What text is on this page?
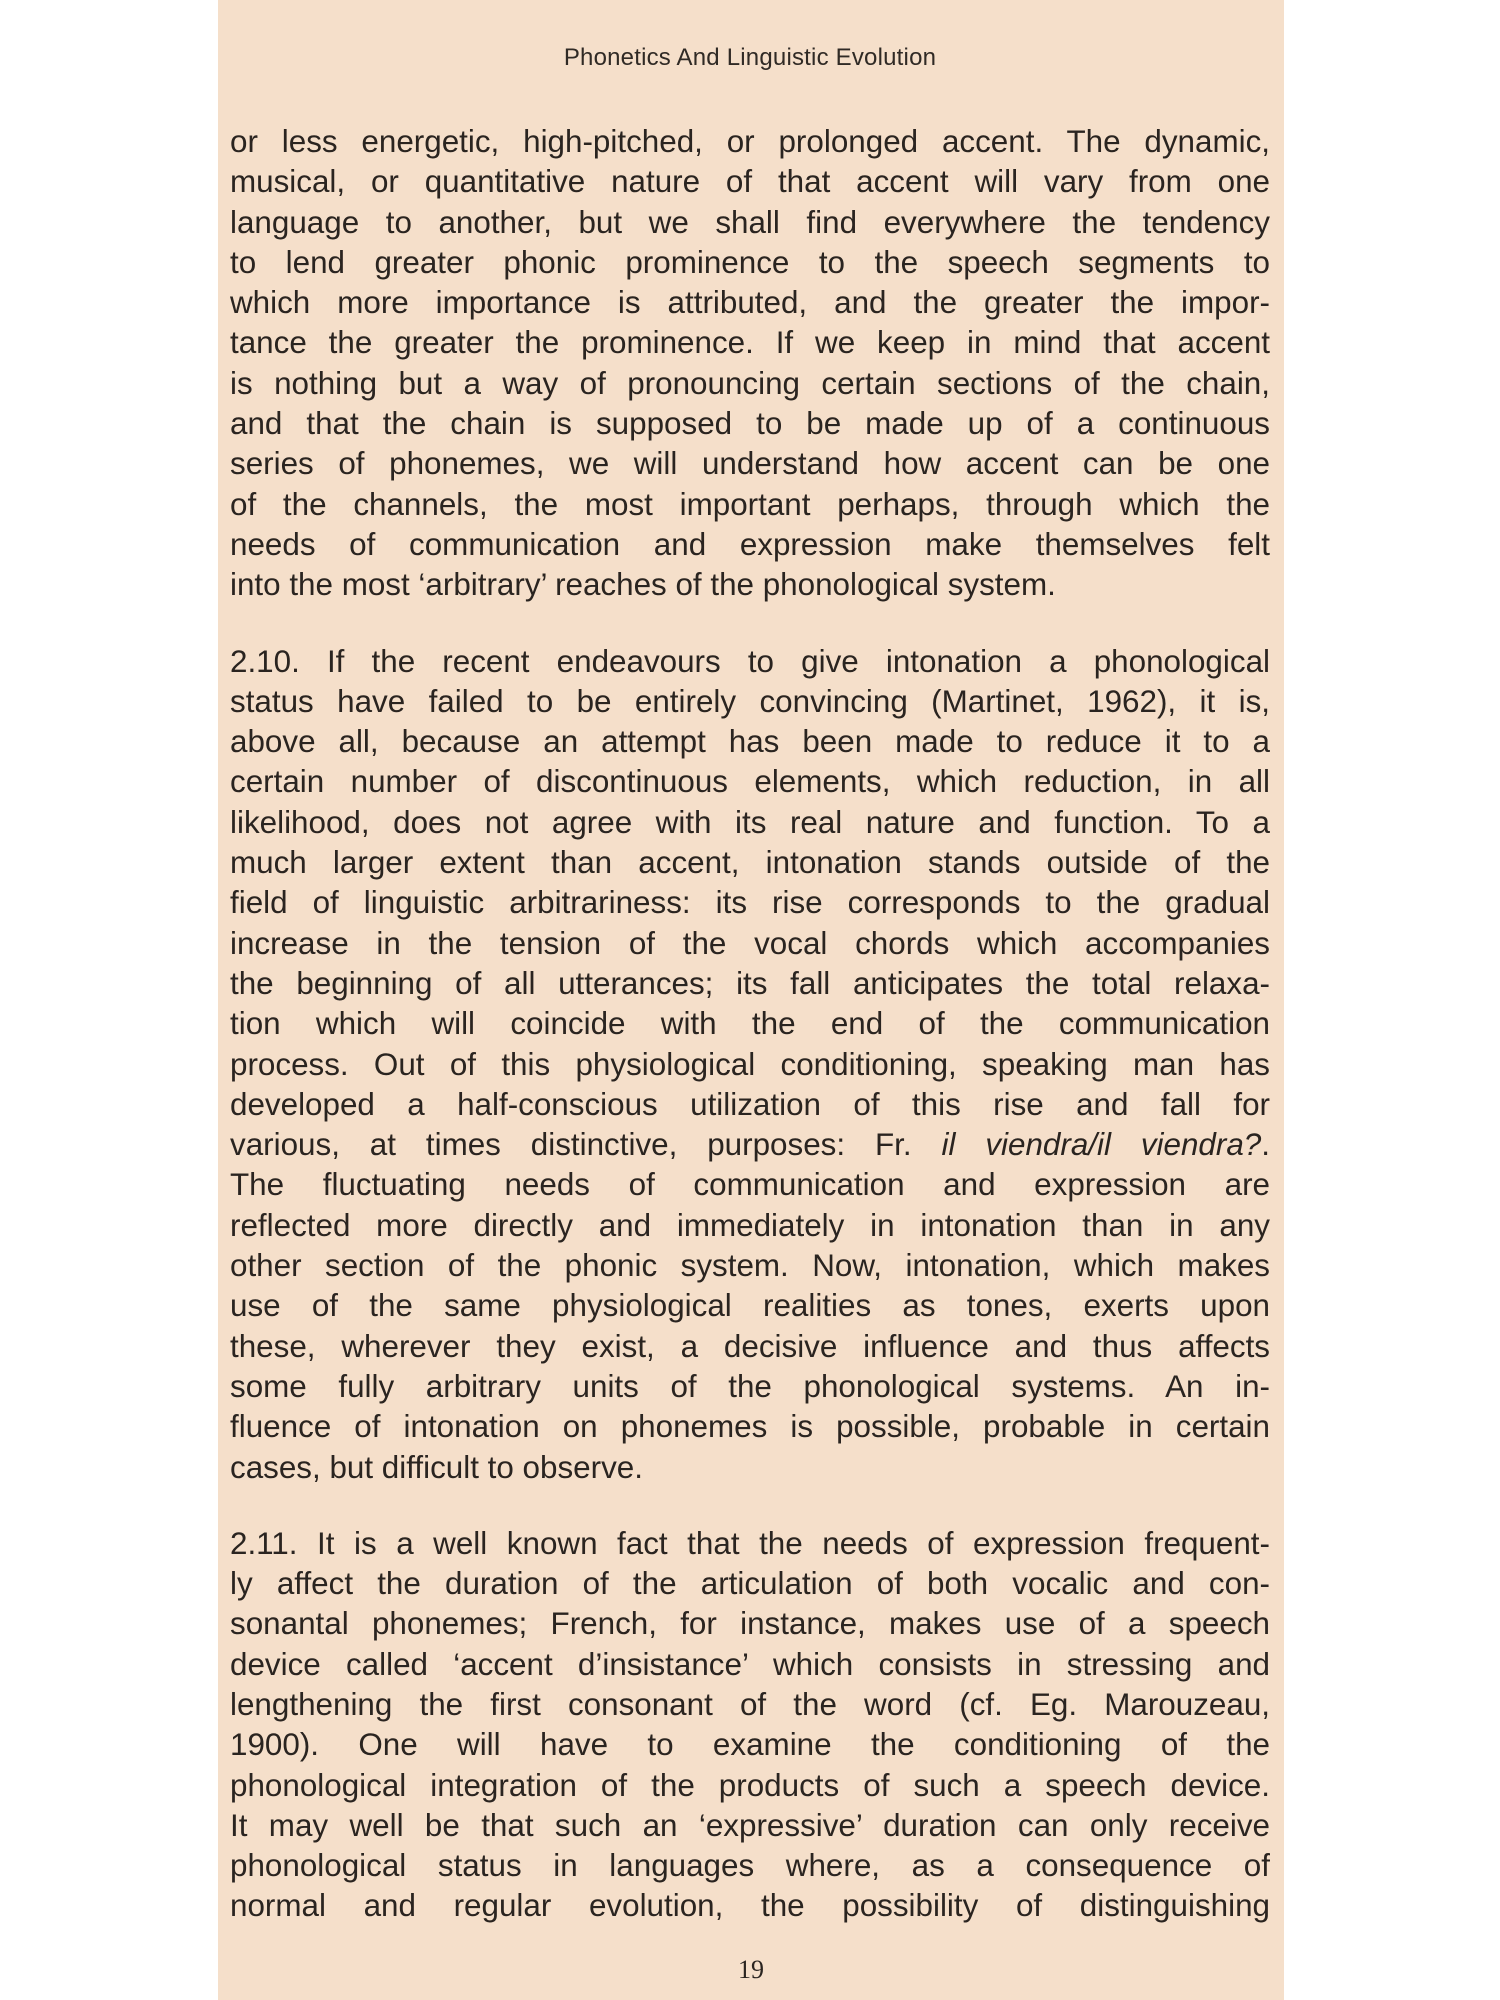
Phonetics And Linguistic Evolution
or less energetic, high-pitched, or prolonged accent. The dynamic,
musical, or quantitative nature of that accent will vary from one
language to another, but we shall find everywhere the tendency
to lend greater phonic prominence to the speech segments to
which more importance is attributed, and the greater the impor-
tance the greater the prominence. If we keep in mind that accent
is nothing but a way of pronouncing certain sections of the chain,
and that the chain is supposed to be made up of a continuous
series of phonemes, we will understand how accent can be one
of the channels, the most important perhaps, through which the
needs of communication and expression make themselves felt
into the most ‘arbitrary’ reaches of the phonological system.
2.10. If the recent endeavours to give intonation a phonological
status have failed to be entirely convincing (Martinet, 1962), it is,
above all, because an attempt has been made to reduce it to a
certain number of discontinuous elements, which reduction, in all
likelihood, does not agree with its real nature and function. To a
much larger extent than accent, intonation stands outside of the
field of linguistic arbitrariness: its rise corresponds to the gradual
increase in the tension of the vocal chords which accompanies
the beginning of all utterances; its fall anticipates the total relaxa-
tion which will coincide with the end of the communication
process. Out of this physiological conditioning, speaking man has
developed a half-conscious utilization of this rise and fall for
various, at times distinctive, purposes: Fr. il viendra/il viendra?.
The fluctuating needs of communication and expression are
reflected more directly and immediately in intonation than in any
other section of the phonic system. Now, intonation, which makes
use of the same physiological realities as tones, exerts upon
these, wherever they exist, a decisive influence and thus affects
some fully arbitrary units of the phonological systems. An in-
fluence of intonation on phonemes is possible, probable in certain
cases, but difficult to observe.
2.11. It is a well known fact that the needs of expression frequent-
ly affect the duration of the articulation of both vocalic and con-
sonantal phonemes; French, for instance, makes use of a speech
device called ‘accent d’insistance’ which consists in stressing and
lengthening the first consonant of the word (cf. Eg. Marouzeau,
1900). One will have to examine the conditioning of the
phonological integration of the products of such a speech device.
It may well be that such an ‘expressive’ duration can only receive
phonological status in languages where, as a consequence of
normal and regular evolution, the possibility of distinguishing
19
